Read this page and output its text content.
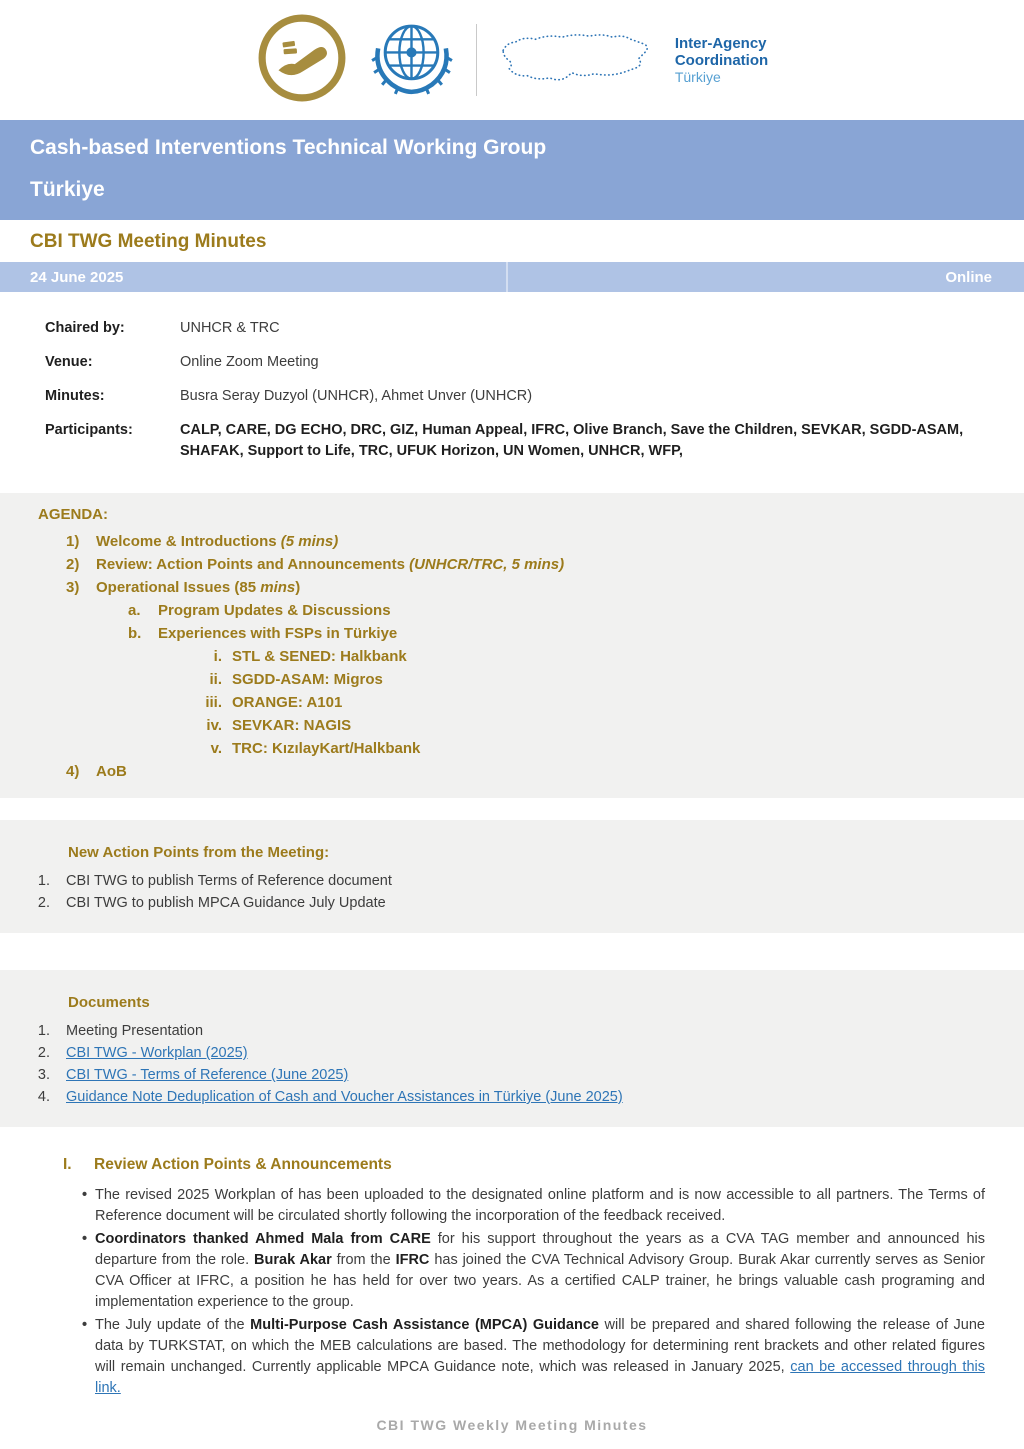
Inter-Agency
Coordination
Türkiye
Cash-based Interventions Technical Working Group
Türkiye
CBI TWG Meeting Minutes
24 June 2025	Online
Chaired by:	UNHCR & TRC
Venue:	Online Zoom Meeting
Minutes:	Busra Seray Duzyol (UNHCR), Ahmet Unver (UNHCR)
Participants:	CALP, CARE, DG ECHO, DRC, GIZ, Human Appeal, IFRC, Olive Branch, Save the Children, SEVKAR, SGDD-ASAM, SHAFAK, Support to Life, TRC, UFUK Horizon, UN Women, UNHCR, WFP,
AGENDA:
1)	Welcome & Introductions (5 mins)
2)	Review: Action Points and Announcements (UNHCR/TRC, 5 mins)
3)	Operational Issues (85 mins)
a.	Program Updates & Discussions
b.	Experiences with FSPs in Türkiye
i. STL & SENED: Halkbank
ii. SGDD-ASAM: Migros
iii. ORANGE: A101
iv. SEVKAR: NAGIS
v. TRC: KızılayKart/Halkbank
4)	AoB
New Action Points from the Meeting:
1. CBI TWG to publish Terms of Reference document
2. CBI TWG to publish MPCA Guidance July Update
Documents
1. Meeting Presentation
2. CBI TWG - Workplan (2025)
3. CBI TWG - Terms of Reference (June 2025)
4. Guidance Note Deduplication of Cash and Voucher Assistances in Türkiye (June 2025)
I.	Review Action Points & Announcements
• The revised 2025 Workplan of has been uploaded to the designated online platform and is now accessible to all partners. The Terms of Reference document will be circulated shortly following the incorporation of the feedback received.
• Coordinators thanked Ahmed Mala from CARE for his support throughout the years as a CVA TAG member and announced his departure from the role. Burak Akar from the IFRC has joined the CVA Technical Advisory Group. Burak Akar currently serves as Senior CVA Officer at IFRC, a position he has held for over two years. As a certified CALP trainer, he brings valuable cash programing and implementation experience to the group.
• The July update of the Multi-Purpose Cash Assistance (MPCA) Guidance will be prepared and shared following the release of June data by TURKSTAT, on which the MEB calculations are based. The methodology for determining rent brackets and other related figures will remain unchanged. Currently applicable MPCA Guidance note, which was released in January 2025, can be accessed through this link.
CBI TWG Weekly Meeting Minutes
